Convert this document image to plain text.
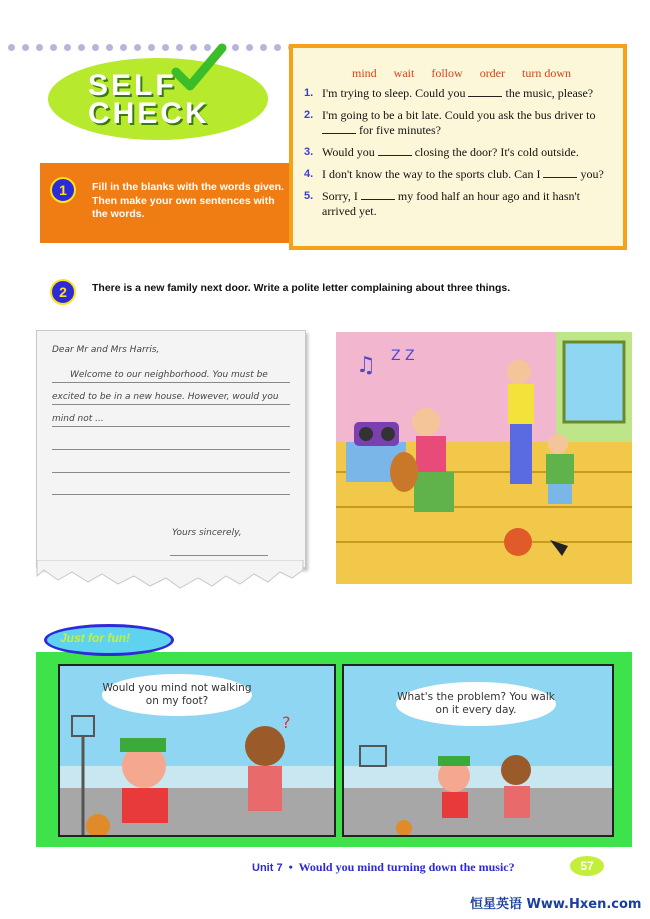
SELF
CHECK
1	Fill in the blanks with the words given. Then make your own sentences with the words.
mind wait follow order turn down
1. I'm trying to sleep. Could you	the music, please?
2. I'm going to be a bit late. Could you ask the bus driver to  for five minutes?
3. Would you	closing the door? It's cold outside.
4. I don't know the way to the sports club. Can I	you?
5. Sorry, I	my food half an hour ago and it hasn't arrived yet.
2	There is a new family next door. Write a polite letter complaining about three things.
Dear Mr and Mrs Harris,
Welcome to our neighborhood. You must be
excited to be in a new house. However, would you
mind not ...
Yours sincerely,
♫ Z Z
Just for fun!
?
Would you mind not walking on my foot?	What's the problem? You walk on it every day.
Unit 7 • Would you mind turning down the music?	57
恒星英语 Www.Hxen.com
